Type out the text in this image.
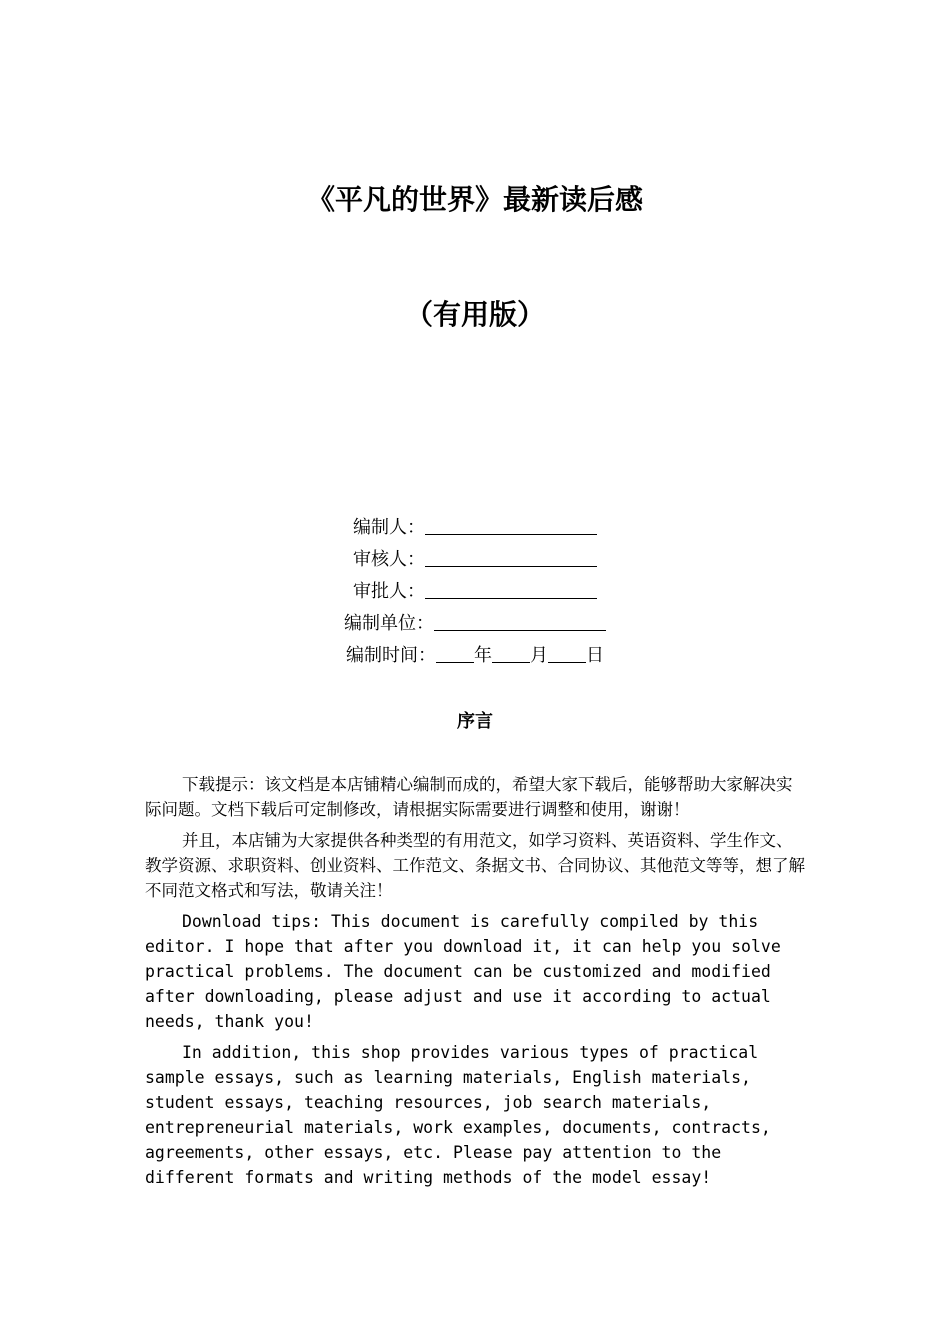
《平凡的世界》最新读后感
（有用版）
编制人：
审核人：
审批人：
编制单位：
编制时间： 年 月 日
序言

下载提示：该文档是本店铺精心编制而成的，希望大家下载后，能够帮助大家解决实际问题。文档下载后可定制修改，请根据实际需要进行调整和使用，谢谢！

并且，本店铺为大家提供各种类型的有用范文，如学习资料、英语资料、学生作文、教学资源、求职资料、创业资料、工作范文、条据文书、合同协议、其他范文等等，想了解不同范文格式和写法，敬请关注！

Download tips: This document is carefully compiled by this editor. I hope that after you download it, it can help you solve practical problems. The document can be customized and modified after downloading, please adjust and use it according to actual needs, thank you!

In addition, this shop provides various types of practical sample essays, such as learning materials, English materials, student essays, teaching resources, job search materials, entrepreneurial materials, work examples, documents, contracts, agreements, other essays, etc. Please pay attention to the different formats and writing methods of the model essay!
